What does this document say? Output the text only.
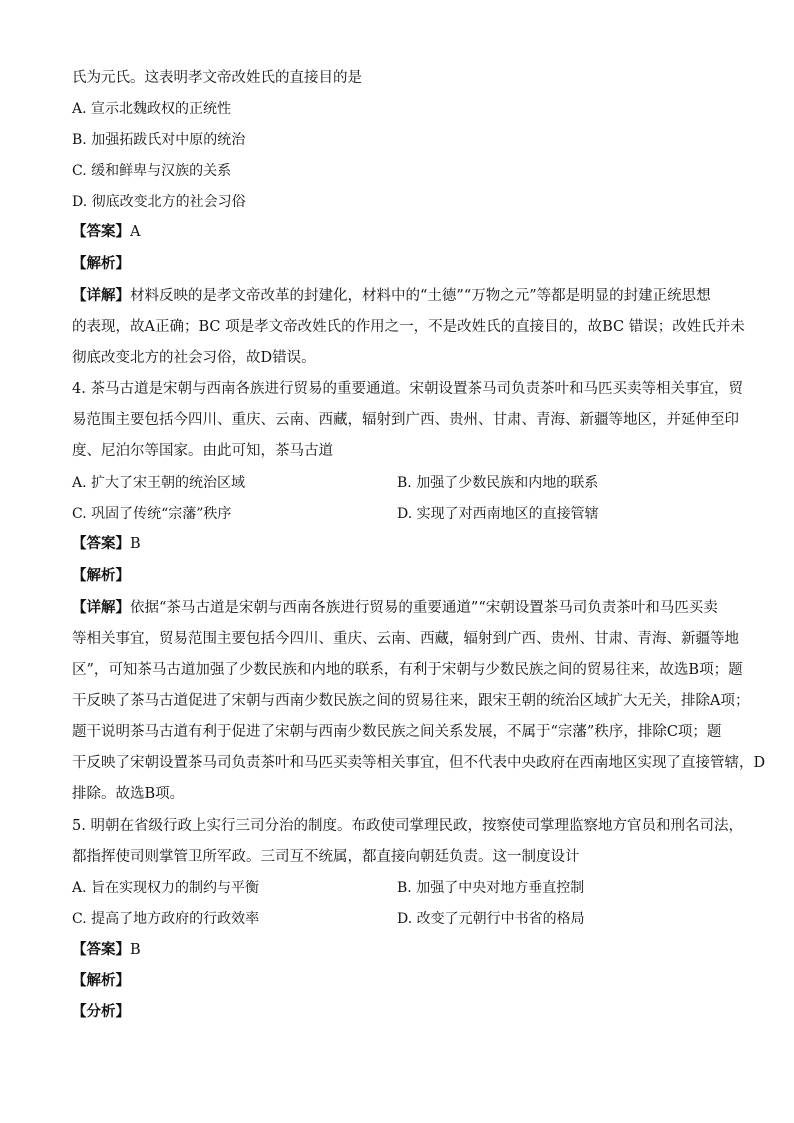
氏为元氏。这表明孝文帝改姓氏的直接目的是
A. 宣示北魏政权的正统性
B. 加强拓跋氏对中原的统治
C. 缓和鲜卑与汉族的关系
D. 彻底改变北方的社会习俗
【答案】A
【解析】
【详解】材料反映的是孝文帝改革的封建化，材料中的“土德”“万物之元”等都是明显的封建正统思想
的表现，故A正确；BC 项是孝文帝改姓氏的作用之一，不是改姓氏的直接目的，故BC 错误；改姓氏并未
彻底改变北方的社会习俗，故D错误。
4. 茶马古道是宋朝与西南各族进行贸易的重要通道。宋朝设置茶马司负责茶叶和马匹买卖等相关事宜，贸
易范围主要包括今四川、重庆、云南、西藏，辐射到广西、贵州、甘肃、青海、新疆等地区，并延伸至印
度、尼泊尔等国家。由此可知，茶马古道
A. 扩大了宋王朝的统治区域	B. 加强了少数民族和内地的联系
C. 巩固了传统“宗藩”秩序	D. 实现了对西南地区的直接管辖
【答案】B
【解析】
【详解】依据“茶马古道是宋朝与西南各族进行贸易的重要通道”“宋朝设置茶马司负责茶叶和马匹买卖
等相关事宜，贸易范围主要包括今四川、重庆、云南、西藏，辐射到广西、贵州、甘肃、青海、新疆等地
区”，可知茶马古道加强了少数民族和内地的联系，有利于宋朝与少数民族之间的贸易往来，故选B项；题
干反映了茶马古道促进了宋朝与西南少数民族之间的贸易往来，跟宋王朝的统治区域扩大无关，排除A项；
题干说明茶马古道有利于促进了宋朝与西南少数民族之间关系发展，不属于“宗藩”秩序，排除C项；题
干反映了宋朝设置茶马司负责茶叶和马匹买卖等相关事宜，但不代表中央政府在西南地区实现了直接管辖，D
排除。故选B项。
5. 明朝在省级行政上实行三司分治的制度。布政使司掌理民政，按察使司掌理监察地方官员和刑名司法，
都指挥使司则掌管卫所军政。三司互不统属，都直接向朝廷负责。这一制度设计
A. 旨在实现权力的制约与平衡	B. 加强了中央对地方垂直控制
C. 提高了地方政府的行政效率	D. 改变了元朝行中书省的格局
【答案】B
【解析】
【分析】
